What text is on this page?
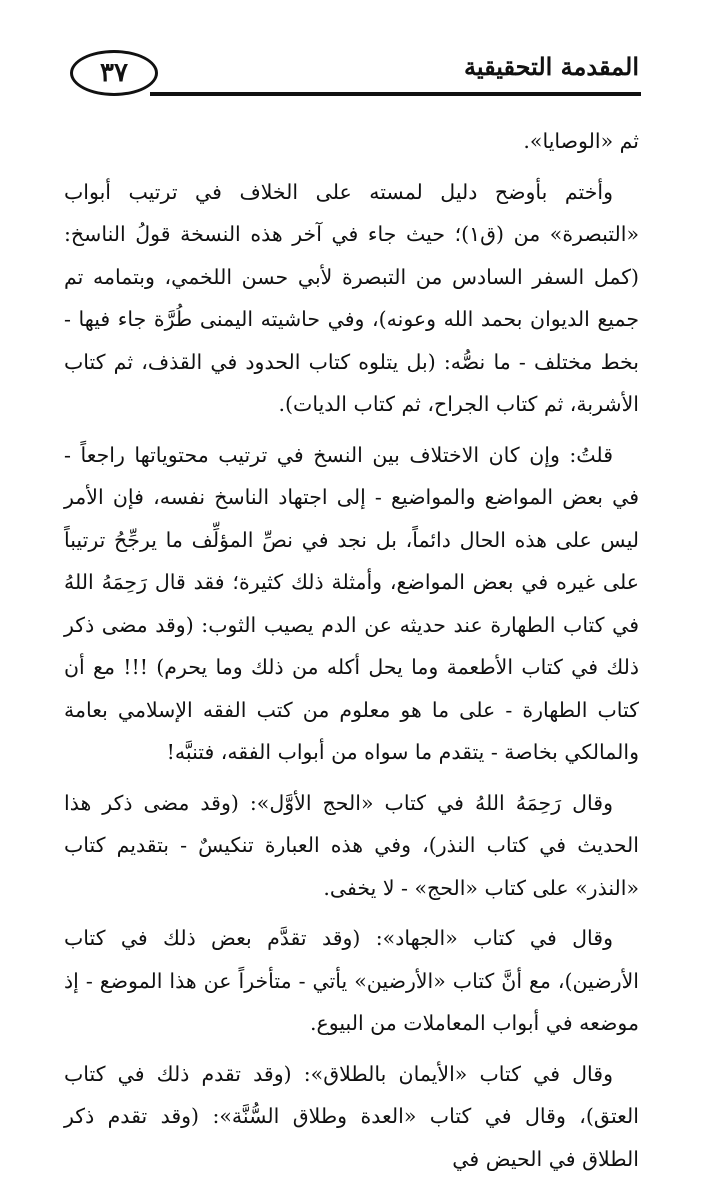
٣٧	المقدمة التحقيقية

ثم «الوصايا».

وأختم بأوضح دليل لمسته على الخلاف في ترتيب أبواب «التبصرة» من (ق١)؛ حيث جاء في آخر هذه النسخة قولُ الناسخ: (كمل السفر السادس من التبصرة لأبي حسن اللخمي، وبتمامه تم جميع الديوان بحمد الله وعونه)، وفي حاشيته اليمنى طُرَّة جاء فيها - بخط مختلف - ما نصُّه: (بل يتلوه كتاب الحدود في القذف، ثم كتاب الأشربة، ثم كتاب الجراح، ثم كتاب الديات).

قلتُ: وإن كان الاختلاف بين النسخ في ترتيب محتوياتها راجعاً - في بعض المواضع والمواضيع - إلى اجتهاد الناسخ نفسه، فإن الأمر ليس على هذه الحال دائماً، بل نجد في نصِّ المؤلِّف ما يرجِّحُ ترتيباً على غيره في بعض المواضع، وأمثلة ذلك كثيرة؛ فقد قال رَحِمَهُ اللهُ في كتاب الطهارة عند حديثه عن الدم يصيب الثوب: (وقد مضى ذكر ذلك في كتاب الأطعمة وما يحل أكله من ذلك وما يحرم) !!! مع أن كتاب الطهارة - على ما هو معلوم من كتب الفقه الإسلامي بعامة والمالكي بخاصة - يتقدم ما سواه من أبواب الفقه، فتنبَّه!

وقال رَحِمَهُ اللهُ في كتاب «الحج الأوَّل»: (وقد مضى ذكر هذا الحديث في كتاب النذر)، وفي هذه العبارة تنكيسٌ - بتقديم كتاب «النذر» على كتاب «الحج» - لا يخفى.

وقال في كتاب «الجهاد»: (وقد تقدَّم بعض ذلك في كتاب الأرضين)، مع أنَّ كتاب «الأرضين» يأتي - متأخراً عن هذا الموضع - إذ موضعه في أبواب المعاملات من البيوع.

وقال في كتاب «الأيمان بالطلاق»: (وقد تقدم ذلك في كتاب العتق)، وقال في كتاب «العدة وطلاق السُّنَّة»: (وقد تقدم ذكر الطلاق في الحيض في
